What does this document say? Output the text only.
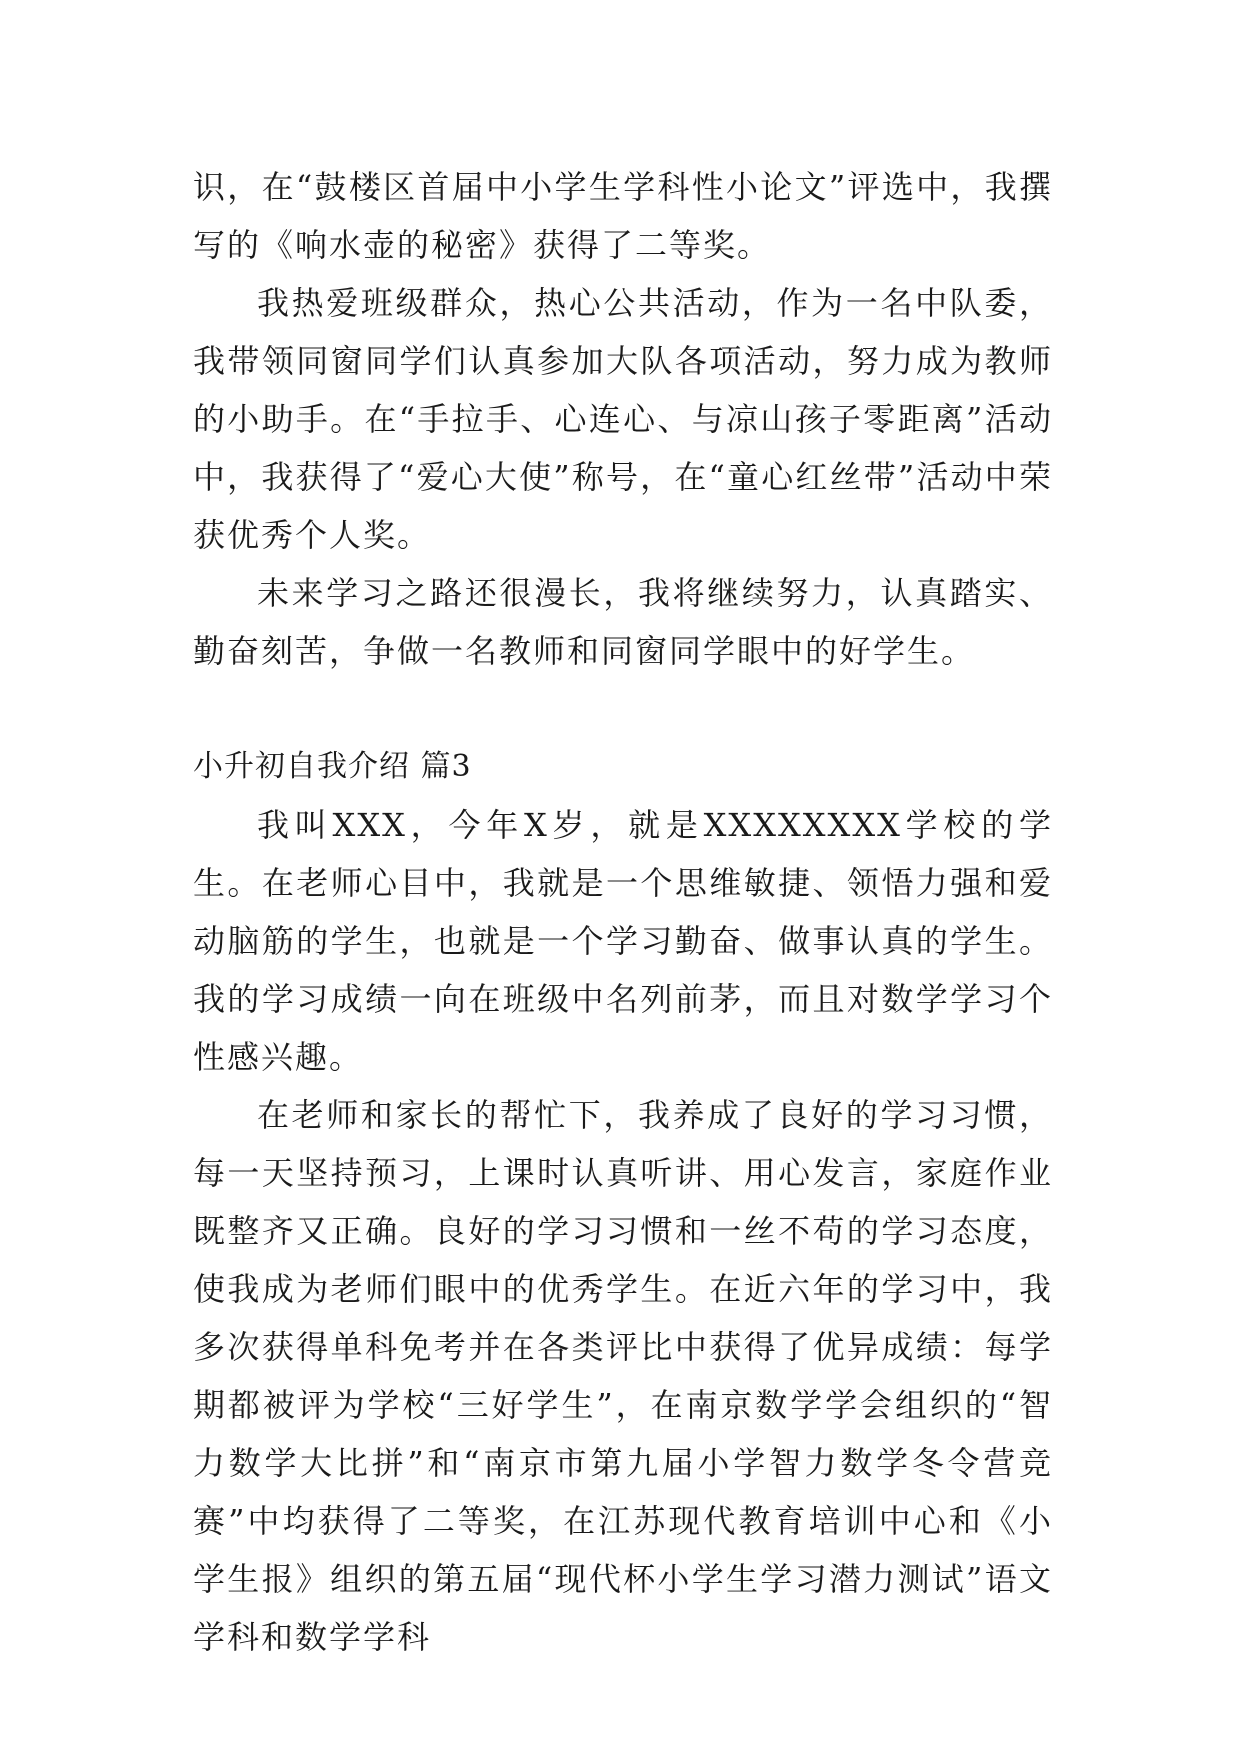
识，在“鼓楼区首届中小学生学科性小论文”评选中，我撰写的《响水壶的秘密》获得了二等奖。

我热爱班级群众，热心公共活动，作为一名中队委，我带领同窗同学们认真参加大队各项活动，努力成为教师的小助手。在“手拉手、心连心、与凉山孩子零距离”活动中，我获得了“爱心大使”称号，在“童心红丝带”活动中荣获优秀个人奖。

未来学习之路还很漫长，我将继续努力，认真踏实、勤奋刻苦，争做一名教师和同窗同学眼中的好学生。

小升初自我介绍 篇3

我叫XXX，今年X岁，就是XXXXXXXX学校的学生。在老师心目中，我就是一个思维敏捷、领悟力强和爱动脑筋的学生，也就是一个学习勤奋、做事认真的学生。我的学习成绩一向在班级中名列前茅，而且对数学学习个性感兴趣。

在老师和家长的帮忙下，我养成了良好的学习习惯，每一天坚持预习，上课时认真听讲、用心发言，家庭作业既整齐又正确。良好的学习习惯和一丝不苟的学习态度，使我成为老师们眼中的优秀学生。在近六年的学习中，我多次获得单科免考并在各类评比中获得了优异成绩：每学期都被评为学校“三好学生”，在南京数学学会组织的“智力数学大比拼”和“南京市第九届小学智力数学冬令营竞赛”中均获得了二等奖，在江苏现代教育培训中心和《小学生报》组织的第五届“现代杯小学生学习潜力测试”语文学科和数学学科
